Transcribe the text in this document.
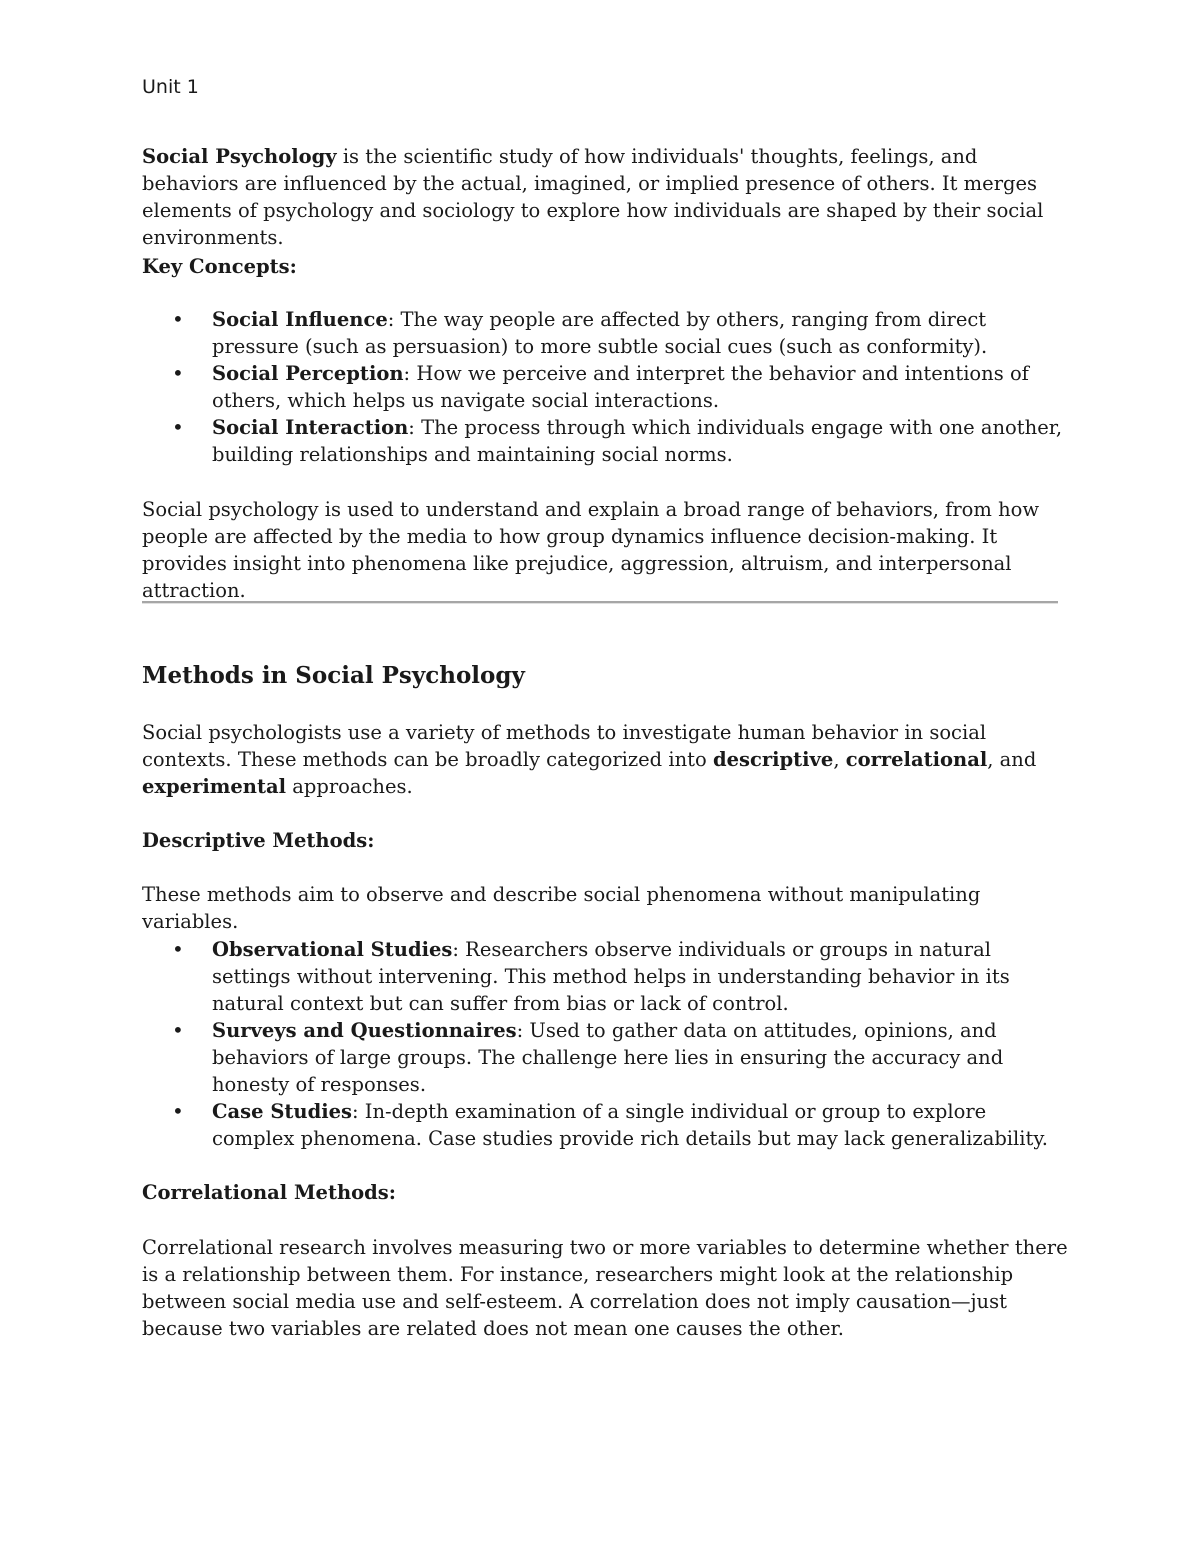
Unit 1

Social Psychology is the scientific study of how individuals' thoughts, feelings, and behaviors are influenced by the actual, imagined, or implied presence of others. It merges elements of psychology and sociology to explore how individuals are shaped by their social environments.

Key Concepts:

• Social Influence: The way people are affected by others, ranging from direct pressure (such as persuasion) to more subtle social cues (such as conformity).
• Social Perception: How we perceive and interpret the behavior and intentions of others, which helps us navigate social interactions.
• Social Interaction: The process through which individuals engage with one another, building relationships and maintaining social norms.

Social psychology is used to understand and explain a broad range of behaviors, from how people are affected by the media to how group dynamics influence decision-making. It provides insight into phenomena like prejudice, aggression, altruism, and interpersonal attraction.

Methods in Social Psychology

Social psychologists use a variety of methods to investigate human behavior in social contexts. These methods can be broadly categorized into descriptive, correlational, and experimental approaches.

Descriptive Methods:

These methods aim to observe and describe social phenomena without manipulating variables.

• Observational Studies: Researchers observe individuals or groups in natural settings without intervening. This method helps in understanding behavior in its natural context but can suffer from bias or lack of control.
• Surveys and Questionnaires: Used to gather data on attitudes, opinions, and behaviors of large groups. The challenge here lies in ensuring the accuracy and honesty of responses.
• Case Studies: In-depth examination of a single individual or group to explore complex phenomena. Case studies provide rich details but may lack generalizability.

Correlational Methods:

Correlational research involves measuring two or more variables to determine whether there is a relationship between them. For instance, researchers might look at the relationship between social media use and self-esteem. A correlation does not imply causation—just because two variables are related does not mean one causes the other.
